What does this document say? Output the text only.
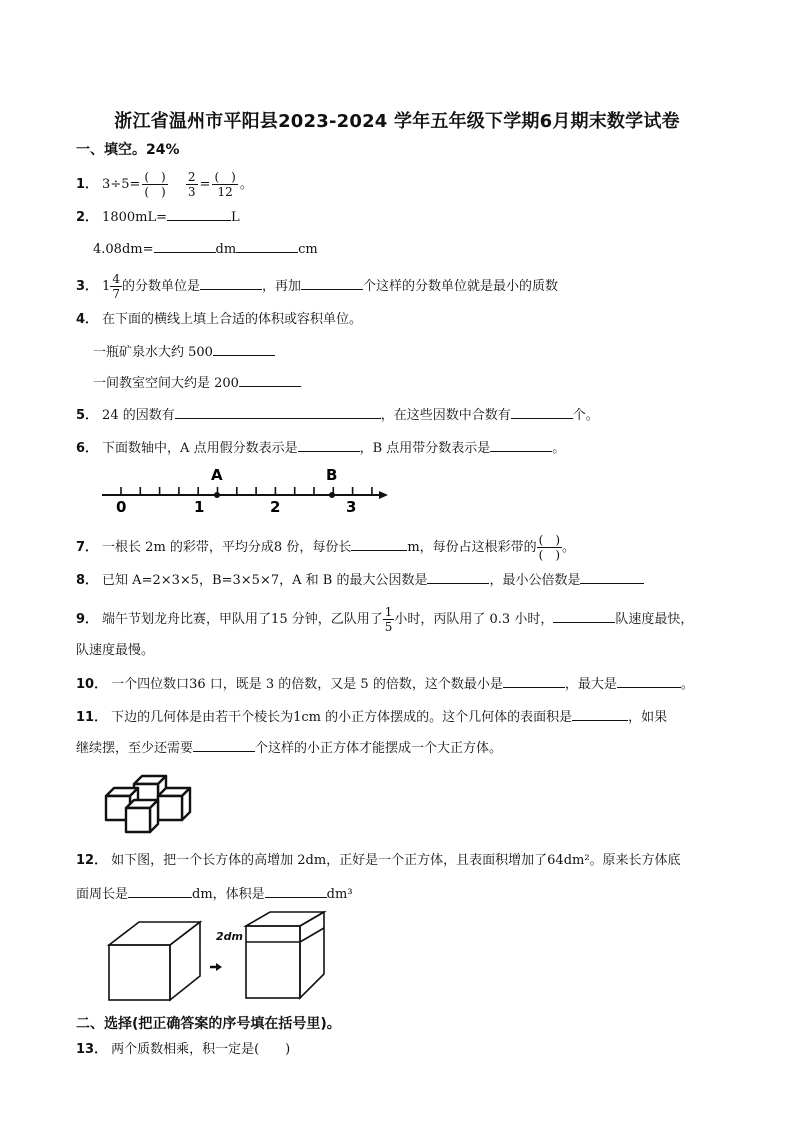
浙江省温州市平阳县2023-2024 学年五年级下学期6月期末数学试卷
一、填空。24%
1． $3\div 5= \frac{( )}{( )}$
$\frac{2}{3} = \frac{( )}{12}$ 。
2． 1800mL=	L
4.08dm=	dm	cm
3． $1 \frac{4}{7}$ 的分数单位是	，再加	个这样的分数单位就是最小的质数
4． 在下面的横线上填上合适的体积或容积单位。
一瓶矿泉水大约 500
一间教室空间大约是 200
5． 24 的因数有	，在这些因数中合数有	个。
6． 下面数轴中，A 点用假分数表示是	，B 点用带分数表示是	。
A	B
0	1	2	3
7． 一根长 2m 的彩带，平均分成8 份，每份长	m，每份占这根彩带的 $\frac{( )}{( )}$ 。
8． 已知 A=2×3×5，B=3×5×7，A 和 B 的最大公因数是	，最小公倍数是
9． 端午节划龙舟比赛，甲队用了15 分钟，乙队用了 $\frac{1}{5}$ 小时，丙队用了 0.3 小时，	队速度最快，
队速度最慢。
10． 一个四位数口36 口，既是 3 的倍数，又是 5 的倍数，这个数最小是	，最大是	。
11． 下边的几何体是由若干个棱长为1cm 的小正方体摆成的。这个几何体的表面积是	，如果
继续摆，至少还需要	个这样的小正方体才能摆成一个大正方体。
12． 如下图，把一个长方体的高增加 2dm，正好是一个正方体，且表面积增加了64dm²。原来长方体底
面周长是	dm，体积是	dm³
2dm
二、选择(把正确答案的序号填在括号里)。
13． 两个质数相乘，积一定是(　　)
